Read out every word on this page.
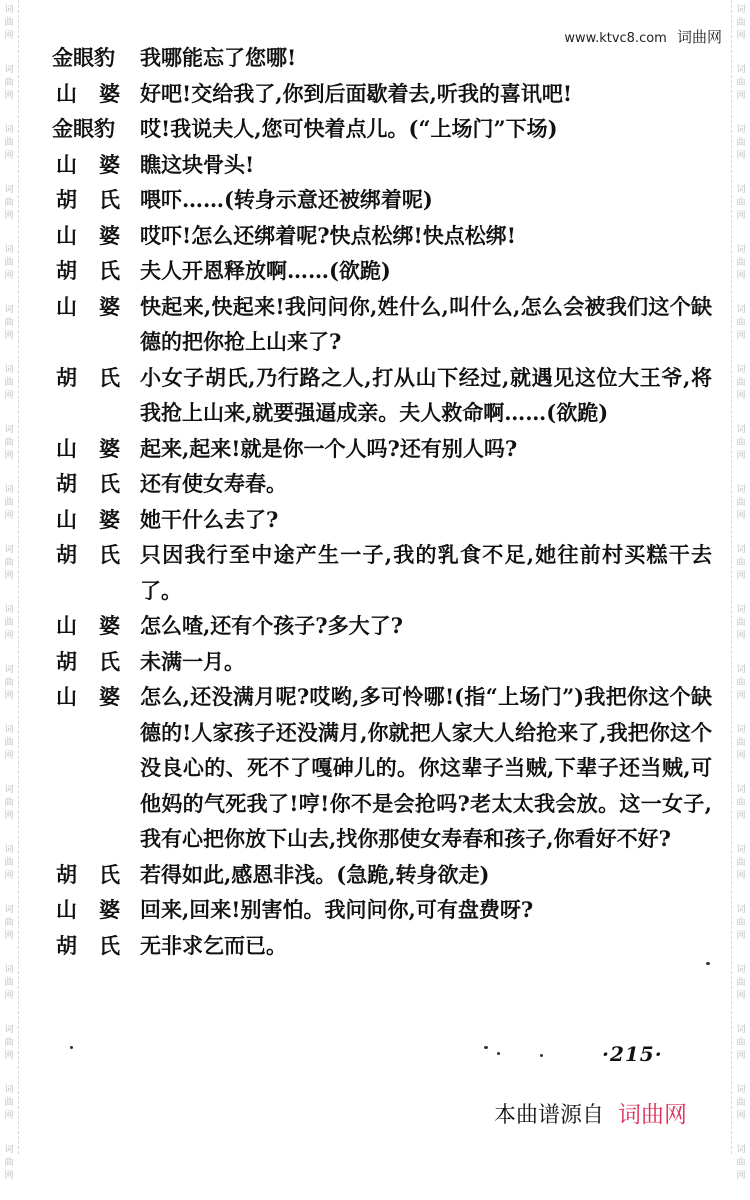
词
曲
网
词
曲
网
词
曲
网
词
曲
网
词
曲
网
词
曲
网
词
曲
网
词
曲
网
词
曲
网
词
曲
网
词
曲
网
词
曲
网
词
曲
网
词
曲
网
词
曲
网
词
曲
网
词
曲
网
词
曲
网
词
曲
网
词
曲
网
词
曲
网
词
曲
网
词
曲
网
词
曲
网
词
曲
网
词
曲
网
词
曲
网
词
曲
网
词
曲
网
词
曲
网
词
曲
网
词
曲
网
词
曲
网
词
曲
网
词
曲
网
词
曲
网
词
曲
网
词
曲
网
词
曲
网
词
曲
网
www.ktvc8.com 词曲网
金眼豹	我哪能忘了您哪!
山 婆 好吧!交给我了,你到后面歇着去,听我的喜讯吧!
金眼豹	哎!我说夫人,您可快着点儿。(“上场门”下场)
山 婆 瞧这块骨头!
胡 氏 喂吓……(转身示意还被绑着呢)
山 婆 哎吓!怎么还绑着呢?快点松绑!快点松绑!
胡 氏 夫人开恩释放啊……(欲跪)
山 婆 快起来,快起来!我问问你,姓什么,叫什么,怎么会被我们这个缺德的把你抢上山来了?
胡 氏 小女子胡氏,乃行路之人,打从山下经过,就遇见这位大王爷,将我抢上山来,就要强逼成亲。夫人救命啊……(欲跪)
山 婆 起来,起来!就是你一个人吗?还有别人吗?
胡 氏 还有使女寿春。
山 婆 她干什么去了?
胡 氏 只因我行至中途产生一子,我的乳食不足,她往前村买糕干去了。
山 婆 怎么喳,还有个孩子?多大了?
胡 氏 未满一月。
山 婆 怎么,还没满月呢?哎哟,多可怜哪!(指“上场门”)我把你这个缺德的!人家孩子还没满月,你就把人家大人给抢来了,我把你这个没良心的、死不了嘎砷儿的。你这辈子当贼,下辈子还当贼,可他妈的气死我了!哼!你不是会抢吗?老太太我会放。这一女子,我有心把你放下山去,找你那使女寿春和孩子,你看好不好?
胡 氏 若得如此,感恩非浅。(急跪,转身欲走)
山 婆 回来,回来!别害怕。我问问你,可有盘费呀?
胡 氏 无非求乞而已。
·215·
本曲谱源自 词曲网
